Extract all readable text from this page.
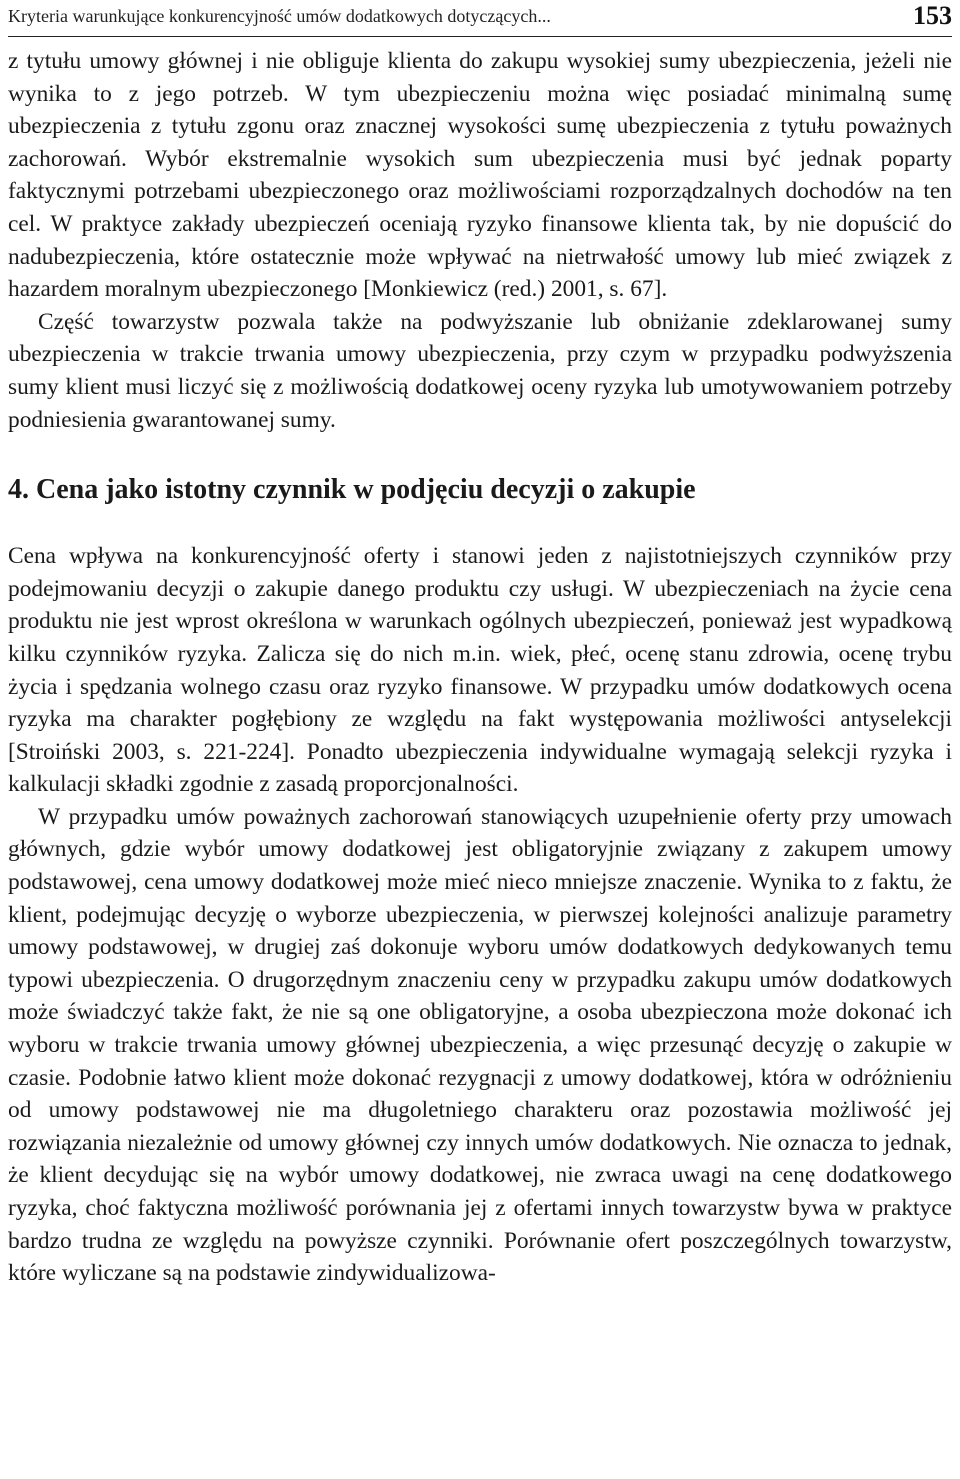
Kryteria warunkujące konkurencyjność umów dodatkowych dotyczących...	153

z tytułu umowy głównej i nie obliguje klienta do zakupu wysokiej sumy ubezpieczenia, jeżeli nie wynika to z jego potrzeb. W tym ubezpieczeniu można więc posiadać minimalną sumę ubezpieczenia z tytułu zgonu oraz znacznej wysokości sumę ubezpieczenia z tytułu poważnych zachorowań. Wybór ekstremalnie wysokich sum ubezpieczenia musi być jednak poparty faktycznymi potrzebami ubezpieczonego oraz możliwościami rozporządzalnych dochodów na ten cel. W praktyce zakłady ubezpieczeń oceniają ryzyko finansowe klienta tak, by nie dopuścić do nadubezpieczenia, które ostatecznie może wpływać na nietrwałość umowy lub mieć związek z hazardem moralnym ubezpieczonego [Monkiewicz (red.) 2001, s. 67].

Część towarzystw pozwala także na podwyższanie lub obniżanie zdeklarowanej sumy ubezpieczenia w trakcie trwania umowy ubezpieczenia, przy czym w przypadku podwyższenia sumy klient musi liczyć się z możliwością dodatkowej oceny ryzyka lub umotywowaniem potrzeby podniesienia gwarantowanej sumy.

4. Cena jako istotny czynnik w podjęciu decyzji o zakupie

Cena wpływa na konkurencyjność oferty i stanowi jeden z najistotniejszych czynników przy podejmowaniu decyzji o zakupie danego produktu czy usługi. W ubezpieczeniach na życie cena produktu nie jest wprost określona w warunkach ogólnych ubezpieczeń, ponieważ jest wypadkową kilku czynników ryzyka. Zalicza się do nich m.in. wiek, płeć, ocenę stanu zdrowia, ocenę trybu życia i spędzania wolnego czasu oraz ryzyko finansowe. W przypadku umów dodatkowych ocena ryzyka ma charakter pogłębiony ze względu na fakt występowania możliwości antyselekcji [Stroiński 2003, s. 221-224]. Ponadto ubezpieczenia indywidualne wymagają selekcji ryzyka i kalkulacji składki zgodnie z zasadą proporcjonalności.

W przypadku umów poważnych zachorowań stanowiących uzupełnienie oferty przy umowach głównych, gdzie wybór umowy dodatkowej jest obligatoryjnie związany z zakupem umowy podstawowej, cena umowy dodatkowej może mieć nieco mniejsze znaczenie. Wynika to z faktu, że klient, podejmując decyzję o wyborze ubezpieczenia, w pierwszej kolejności analizuje parametry umowy podstawowej, w drugiej zaś dokonuje wyboru umów dodatkowych dedykowanych temu typowi ubezpieczenia. O drugorzędnym znaczeniu ceny w przypadku zakupu umów dodatkowych może świadczyć także fakt, że nie są one obligatoryjne, a osoba ubezpieczona może dokonać ich wyboru w trakcie trwania umowy głównej ubezpieczenia, a więc przesunąć decyzję o zakupie w czasie. Podobnie łatwo klient może dokonać rezygnacji z umowy dodatkowej, która w odróżnieniu od umowy podstawowej nie ma długoletniego charakteru oraz pozostawia możliwość jej rozwiązania niezależnie od umowy głównej czy innych umów dodatkowych. Nie oznacza to jednak, że klient decydując się na wybór umowy dodatkowej, nie zwraca uwagi na cenę dodatkowego ryzyka, choć faktyczna możliwość porównania jej z ofertami innych towarzystw bywa w praktyce bardzo trudna ze względu na powyższe czynniki. Porównanie ofert poszczególnych towarzystw, które wyliczane są na podstawie zindywidualizowa-
